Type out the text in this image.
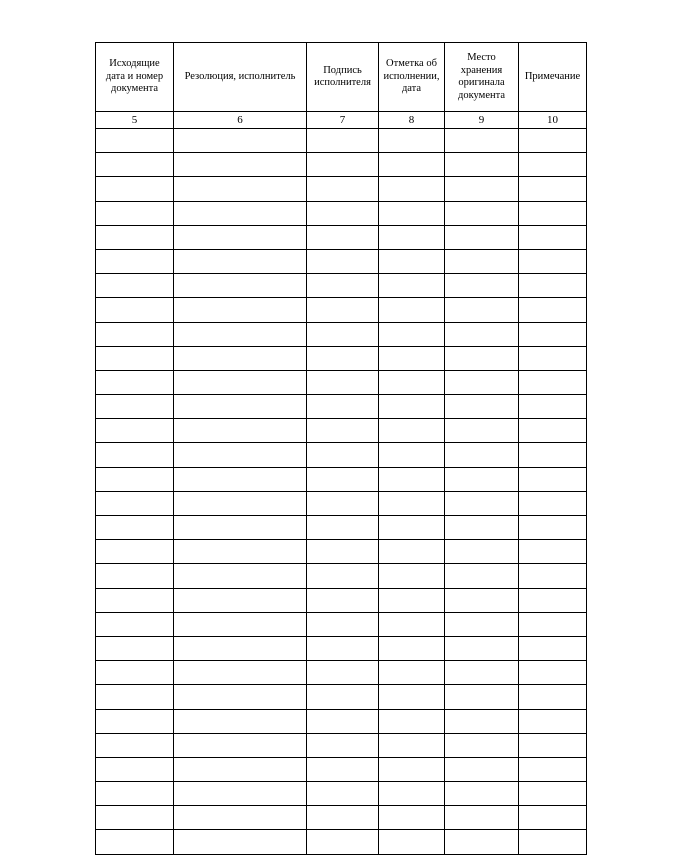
Исходящие дата и номер документа	Резолюция, исполнитель	Подпись исполнителя	Отметка об исполнении, дата	Место хранения оригинала документа	Примечание
5	6	7	8	9	10
